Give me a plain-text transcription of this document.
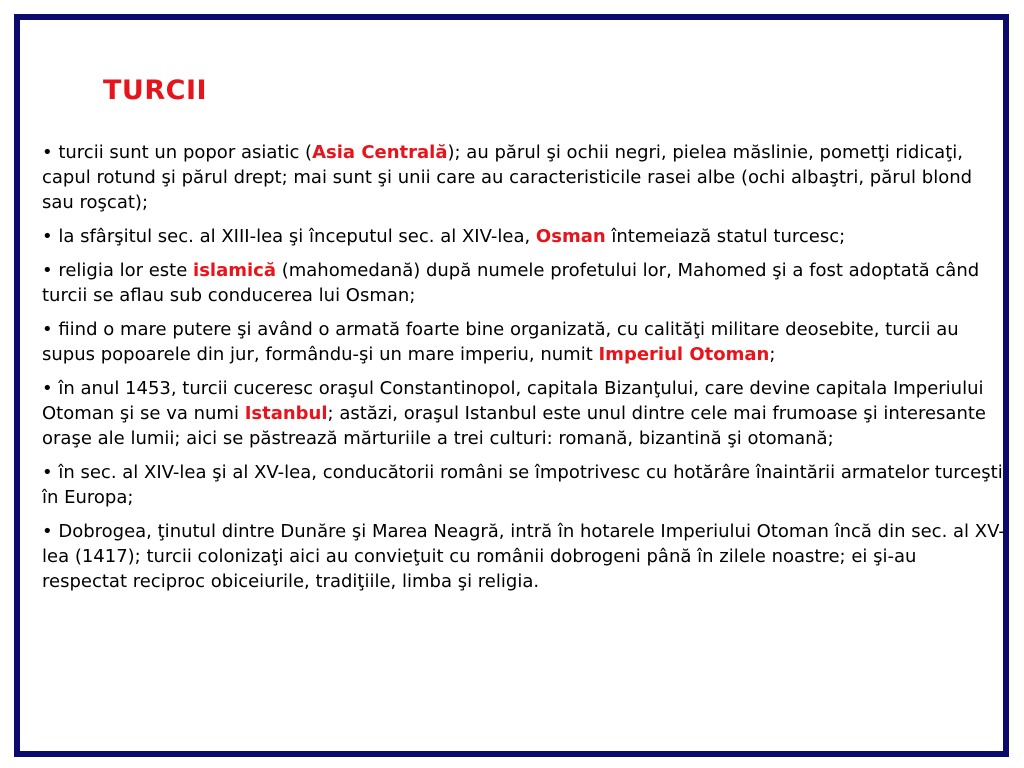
TURCII

• turcii sunt un popor asiatic (Asia Centrală); au părul şi ochii negri, pielea măslinie, pometţi ridicaţi, capul rotund şi părul drept; mai sunt şi unii care au caracteristicile rasei albe (ochi albaştri, părul blond sau roşcat);

• la sfârşitul sec. al XIII-lea şi începutul sec. al XIV-lea, Osman întemeiază statul turcesc;

• religia lor este islamică (mahomedană) după numele profetului lor, Mahomed şi a fost adoptată când turcii se aflau sub conducerea lui Osman;

• fiind o mare putere şi având o armată foarte bine organizată, cu calităţi militare deosebite, turcii au supus popoarele din jur, formându-şi un mare imperiu, numit Imperiul Otoman;

• în anul 1453, turcii cuceresc oraşul Constantinopol, capitala Bizanţului, care devine capitala Imperiului Otoman şi se va numi Istanbul; astăzi, oraşul Istanbul este unul dintre cele mai frumoase şi interesante oraşe ale lumii; aici se păstrează mărturiile a trei culturi: romană, bizantină şi otomană;

• în sec. al XIV-lea şi al XV-lea, conducătorii români se împotrivesc cu hotărâre înaintării armatelor turceşti în Europa;

• Dobrogea, ţinutul dintre Dunăre şi Marea Neagră, intră în hotarele Imperiului Otoman încă din sec. al XV-lea (1417); turcii colonizaţi aici au convieţuit cu românii dobrogeni până în zilele noastre; ei şi-au respectat reciproc obiceiurile, tradiţiile, limba şi religia.
